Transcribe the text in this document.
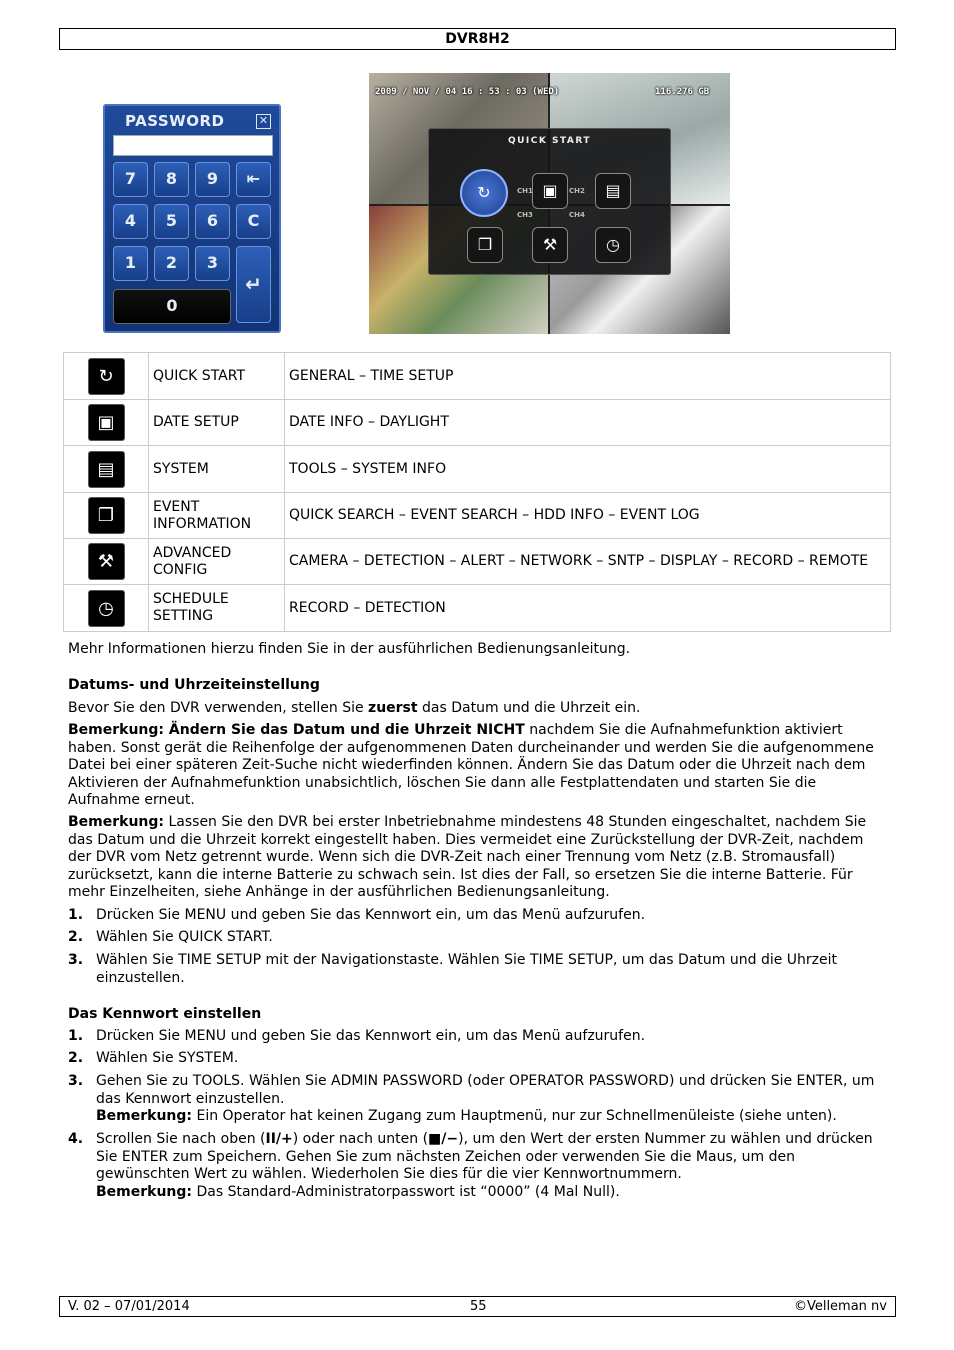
DVR8H2
PASSWORD	✕
7	8	9	⇤
4	5	6	C
1	2	3
↵
0
2009 / NOV / 04 16 : 53 : 03 (WED)	116.276 GB
QUICK START
↻	▣	▤
❐	⚒	◷
CH1	CH2
CH3	CH4
↻	QUICK START	GENERAL – TIME SETUP
▣	DATE SETUP	DATE INFO – DAYLIGHT
▤	SYSTEM	TOOLS – SYSTEM INFO
❐	EVENT INFORMATION	QUICK SEARCH – EVENT SEARCH – HDD INFO – EVENT LOG
⚒	ADVANCED CONFIG	CAMERA – DETECTION – ALERT – NETWORK – SNTP – DISPLAY – RECORD – REMOTE
◷	SCHEDULE SETTING	RECORD – DETECTION
Mehr Informationen hierzu finden Sie in der ausführlichen Bedienungsanleitung.
Datums- und Uhrzeiteinstellung
Bevor Sie den DVR verwenden, stellen Sie zuerst das Datum und die Uhrzeit ein.
Bemerkung: Ändern Sie das Datum und die Uhrzeit NICHT nachdem Sie die Aufnahmefunktion aktiviert haben. Sonst gerät die Reihenfolge der aufgenommenen Daten durcheinander und werden Sie die aufgenommene Datei bei einer späteren Zeit-Suche nicht wiederfinden können. Ändern Sie das Datum oder die Uhrzeit nach dem Aktivieren der Aufnahmefunktion unabsichtlich, löschen Sie dann alle Festplattendaten und starten Sie die Aufnahme erneut.
Bemerkung: Lassen Sie den DVR bei erster Inbetriebnahme mindestens 48 Stunden eingeschaltet, nachdem Sie das Datum und die Uhrzeit korrekt eingestellt haben. Dies vermeidet eine Zurückstellung der DVR-Zeit, nachdem der DVR vom Netz getrennt wurde. Wenn sich die DVR-Zeit nach einer Trennung vom Netz (z.B. Stromausfall) zurücksetzt, kann die interne Batterie zu schwach sein. Ist dies der Fall, so ersetzen Sie die interne Batterie. Für mehr Einzelheiten, siehe Anhänge in der ausführlichen Bedienungsanleitung.
1. Drücken Sie MENU und geben Sie das Kennwort ein, um das Menü aufzurufen.
2. Wählen Sie QUICK START.
3. Wählen Sie TIME SETUP mit der Navigationstaste. Wählen Sie TIME SETUP, um das Datum und die Uhrzeit einzustellen.
Das Kennwort einstellen
1. Drücken Sie MENU und geben Sie das Kennwort ein, um das Menü aufzurufen.
2. Wählen Sie SYSTEM.
3. Gehen Sie zu TOOLS. Wählen Sie ADMIN PASSWORD (oder OPERATOR PASSWORD) und drücken Sie ENTER, um das Kennwort einzustellen.
Bemerkung: Ein Operator hat keinen Zugang zum Hauptmenü, nur zur Schnellmenüleiste (siehe unten).
4. Scrollen Sie nach oben (II/+) oder nach unten (■/−), um den Wert der ersten Nummer zu wählen und drücken Sie ENTER zum Speichern. Gehen Sie zum nächsten Zeichen oder verwenden Sie die Maus, um den gewünschten Wert zu wählen. Wiederholen Sie dies für die vier Kennwortnummern.
Bemerkung: Das Standard-Administratorpasswort ist “0000” (4 Mal Null).
V. 02 – 07/01/2014	55	©Velleman nv
